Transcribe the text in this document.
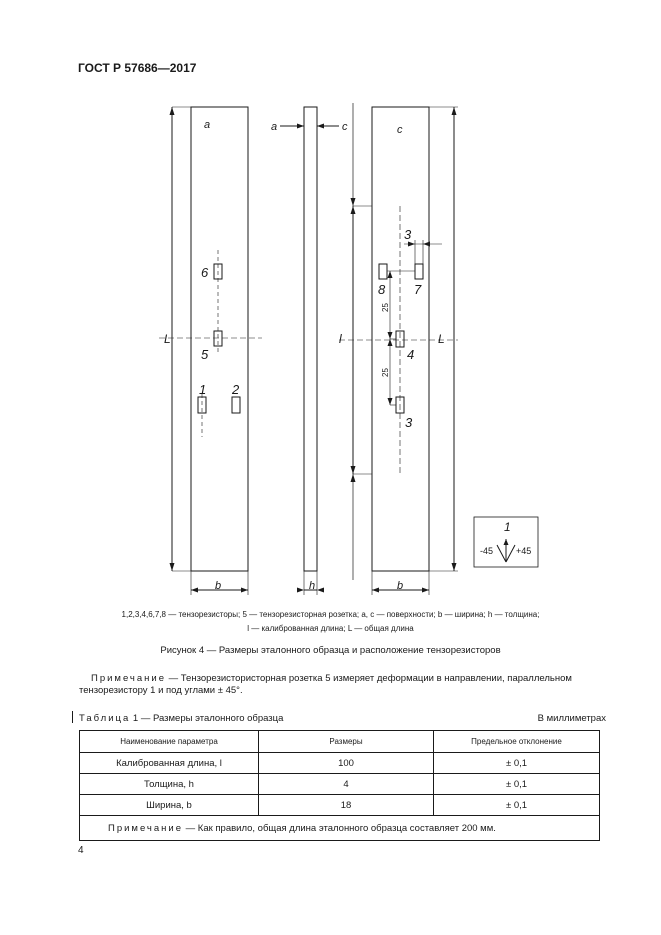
ГОСТ Р 57686—2017
a	a	c	c
L	l	L
b	h	b
6
5
1 2
3
8 7
4
3
1
25
25
-45	+45
1,2,3,4,6,7,8 — тензорезисторы; 5 — тензорезисторная розетка; a, c — поверхности; b — ширина; h — толщина;
l — калиброванная длина; L — общая длина
Рисунок 4 — Размеры эталонного образца и расположение тензорезисторов
Примечание — Тензорезистористорная розетка 5 измеряет деформации в направлении, параллельном тензорезистору 1 и под углами ± 45°.
Таблица 1 — Размеры эталонного образца	В миллиметрах
Наименование параметра	Размеры	Предельное отклонение
Калиброванная длина, l	100	± 0,1
Толщина, h	4	± 0,1
Ширина, b	18	± 0,1
Примечание — Как правило, общая длина эталонного образца составляет 200 мм.		
4
